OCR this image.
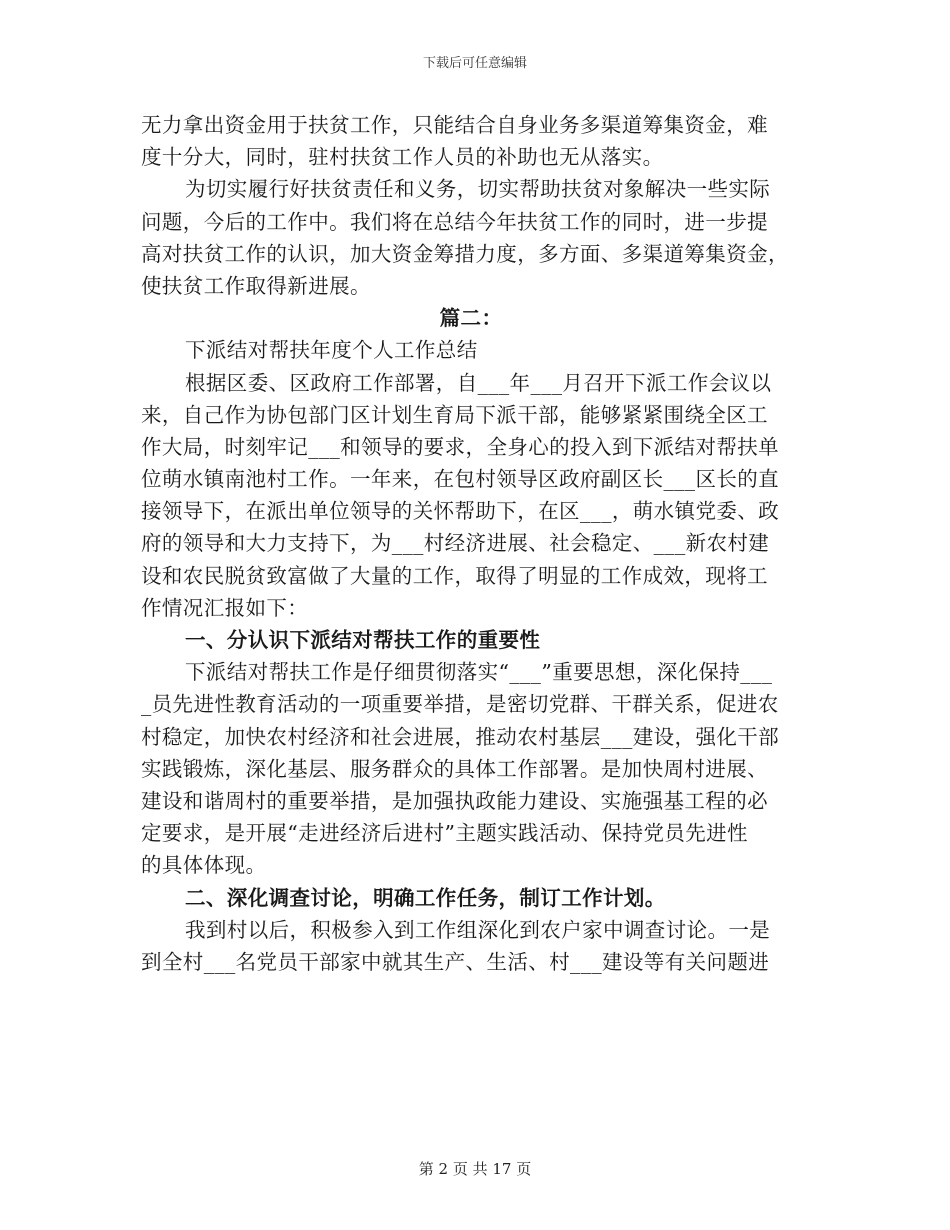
下载后可任意编辑
无力拿出资金用于扶贫工作，只能结合自身业务多渠道筹集资金，难
度十分大，同时，驻村扶贫工作人员的补助也无从落实。
为切实履行好扶贫责任和义务，切实帮助扶贫对象解决一些实际
问题，今后的工作中。我们将在总结今年扶贫工作的同时，进一步提
高对扶贫工作的认识，加大资金筹措力度，多方面、多渠道筹集资金，
使扶贫工作取得新进展。
篇二：
下派结对帮扶年度个人工作总结
根据区委、区政府工作部署，自___年___月召开下派工作会议以
来，自己作为协包部门区计划生育局下派干部，能够紧紧围绕全区工
作大局，时刻牢记___和领导的要求，全身心的投入到下派结对帮扶单
位萌水镇南池村工作。一年来，在包村领导区政府副区长___区长的直
接领导下，在派出单位领导的关怀帮助下，在区___，萌水镇党委、政
府的领导和大力支持下，为___村经济进展、社会稳定、___新农村建
设和农民脱贫致富做了大量的工作，取得了明显的工作成效，现将工
作情况汇报如下：
一、分认识下派结对帮扶工作的重要性
下派结对帮扶工作是仔细贯彻落实“___”重要思想，深化保持___
_员先进性教育活动的一项重要举措，是密切党群、干群关系，促进农
村稳定，加快农村经济和社会进展，推动农村基层___建设，强化干部
实践锻炼，深化基层、服务群众的具体工作部署。是加快周村进展、
建设和谐周村的重要举措，是加强执政能力建设、实施强基工程的必
定要求，是开展“走进经济后进村”主题实践活动、保持党员先进性
的具体体现。
二、深化调查讨论，明确工作任务，制订工作计划。
我到村以后，积极参入到工作组深化到农户家中调查讨论。一是
到全村___名党员干部家中就其生产、生活、村___建设等有关问题进
第 2 页 共 17 页
